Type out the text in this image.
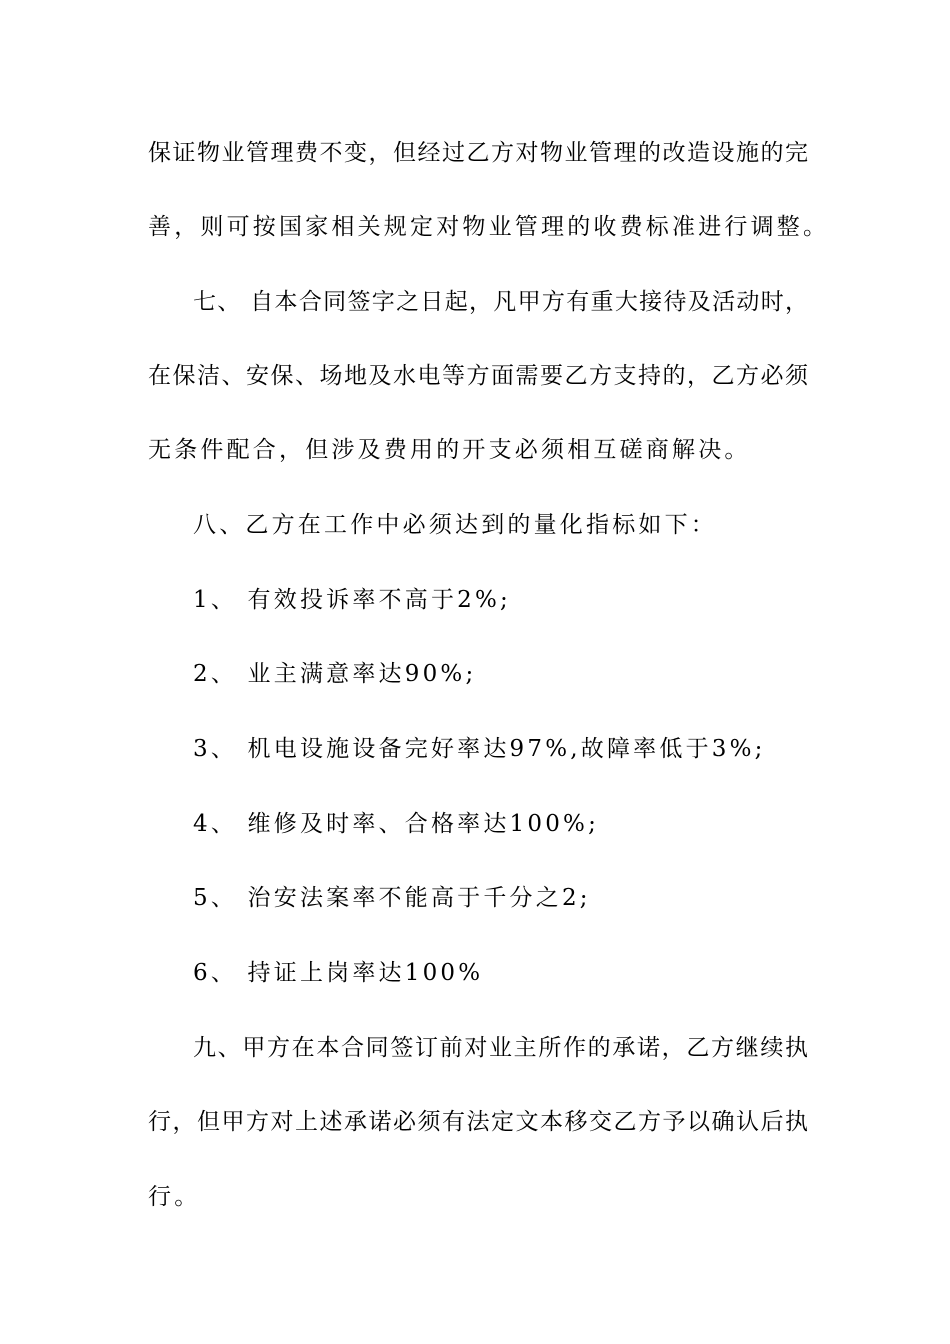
保证物业管理费不变，但经过乙方对物业管理的改造设施的完
善，则可按国家相关规定对物业管理的收费标准进行调整。
七、 自本合同签字之日起，凡甲方有重大接待及活动时，
在保洁、安保、场地及水电等方面需要乙方支持的，乙方必须
无条件配合，但涉及费用的开支必须相互磋商解决。
八、乙方在工作中必须达到的量化指标如下：
1、 有效投诉率不高于2%;
2、 业主满意率达90%;
3、 机电设施设备完好率达97%,故障率低于3%;
4、 维修及时率、合格率达100%;
5、 治安法案率不能高于千分之2;
6、 持证上岗率达100%
九、甲方在本合同签订前对业主所作的承诺，乙方继续执
行，但甲方对上述承诺必须有法定文本移交乙方予以确认后执
行。
